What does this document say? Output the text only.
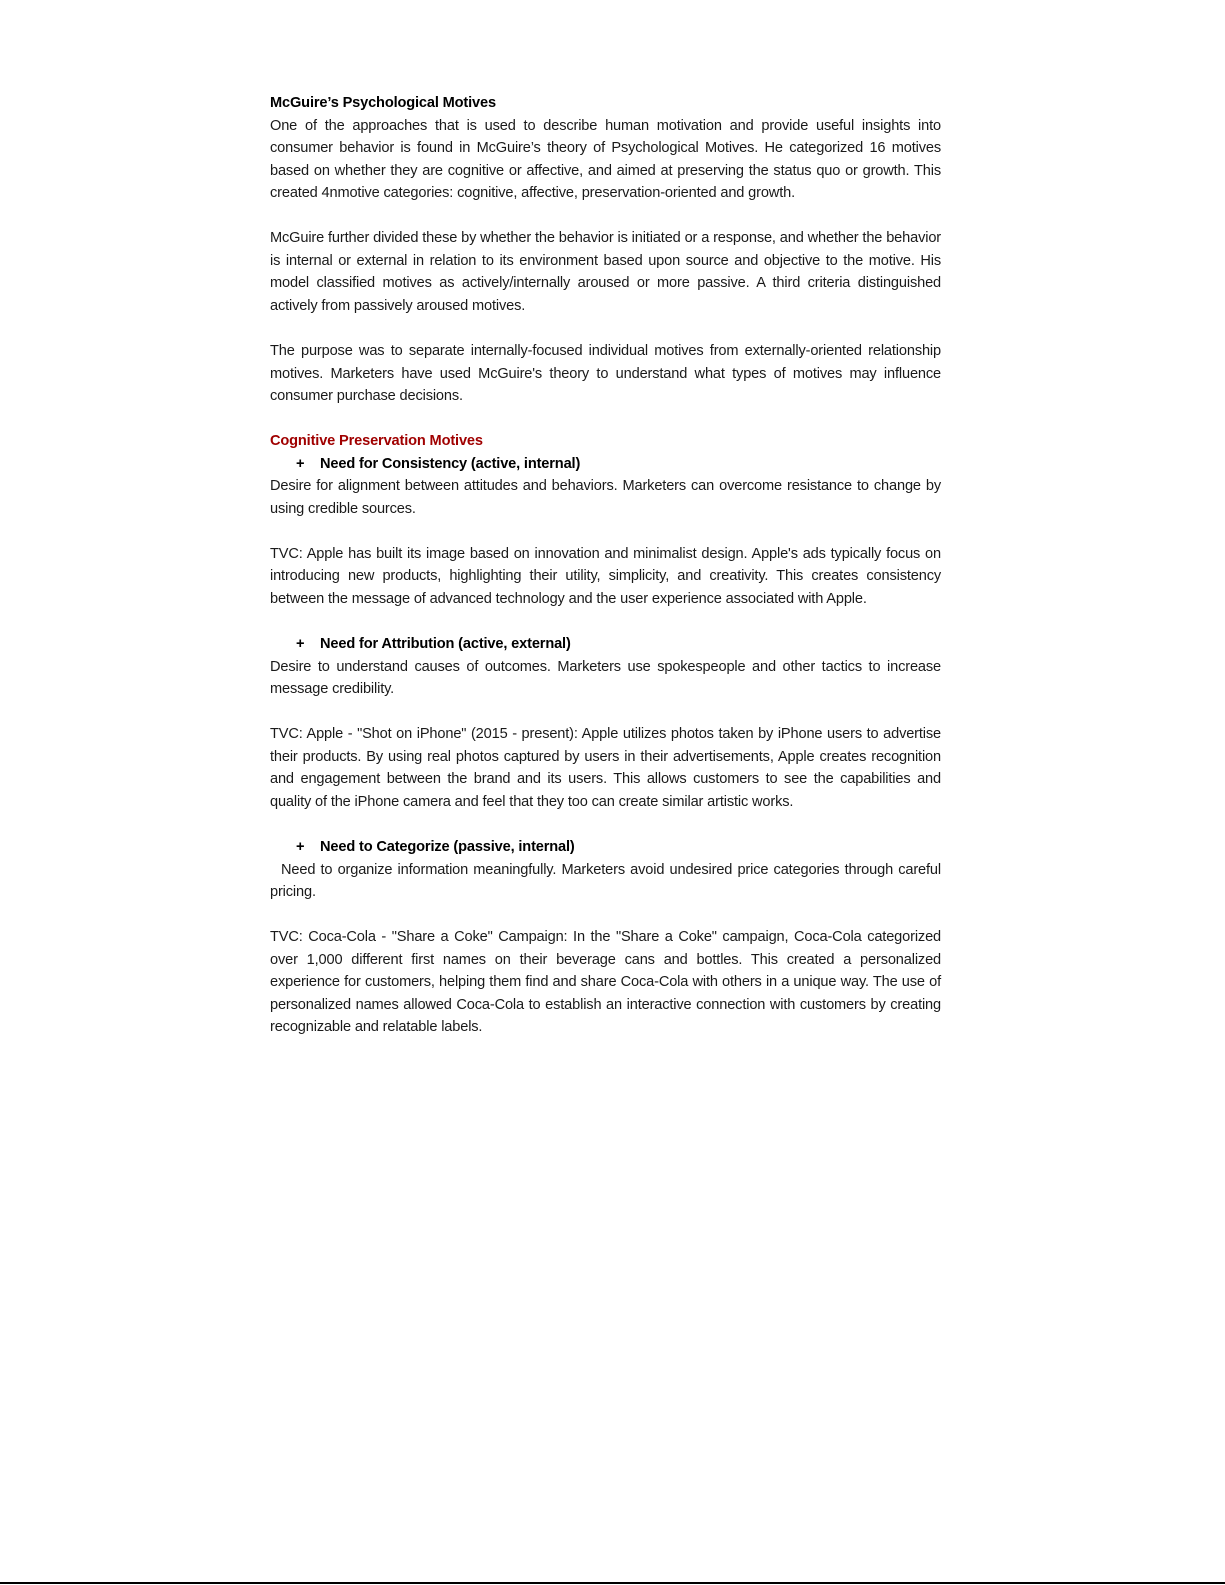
McGuire’s Psychological Motives

One of the approaches that is used to describe human motivation and provide useful insights into consumer behavior is found in McGuire’s theory of Psychological Motives. He categorized 16 motives based on whether they are cognitive or affective, and aimed at preserving the status quo or growth. This created 4nmotive categories: cognitive, affective, preservation-oriented and growth.

McGuire further divided these by whether the behavior is initiated or a response, and whether the behavior is internal or external in relation to its environment based upon source and objective to the motive. His model classified motives as actively/internally aroused or more passive. A third criteria distinguished actively from passively aroused motives.

The purpose was to separate internally-focused individual motives from externally-oriented relationship motives. Marketers have used McGuire's theory to understand what types of motives may influence consumer purchase decisions.

Cognitive Preservation Motives

+	Need for Consistency (active, internal)

Desire for alignment between attitudes and behaviors. Marketers can overcome resistance to change by using credible sources.

TVC: Apple has built its image based on innovation and minimalist design. Apple's ads typically focus on introducing new products, highlighting their utility, simplicity, and creativity. This creates consistency between the message of advanced technology and the user experience associated with Apple.

+	Need for Attribution (active, external)

Desire to understand causes of outcomes. Marketers use spokespeople and other tactics to increase message credibility.

TVC: Apple - "Shot on iPhone" (2015 - present): Apple utilizes photos taken by iPhone users to advertise their products. By using real photos captured by users in their advertisements, Apple creates recognition and engagement between the brand and its users. This allows customers to see the capabilities and quality of the iPhone camera and feel that they too can create similar artistic works.

+	Need to Categorize (passive, internal)

Need to organize information meaningfully. Marketers avoid undesired price categories through careful pricing.

TVC: Coca-Cola - "Share a Coke" Campaign: In the "Share a Coke" campaign, Coca-Cola categorized over 1,000 different first names on their beverage cans and bottles. This created a personalized experience for customers, helping them find and share Coca-Cola with others in a unique way. The use of personalized names allowed Coca-Cola to establish an interactive connection with customers by creating recognizable and relatable labels.
